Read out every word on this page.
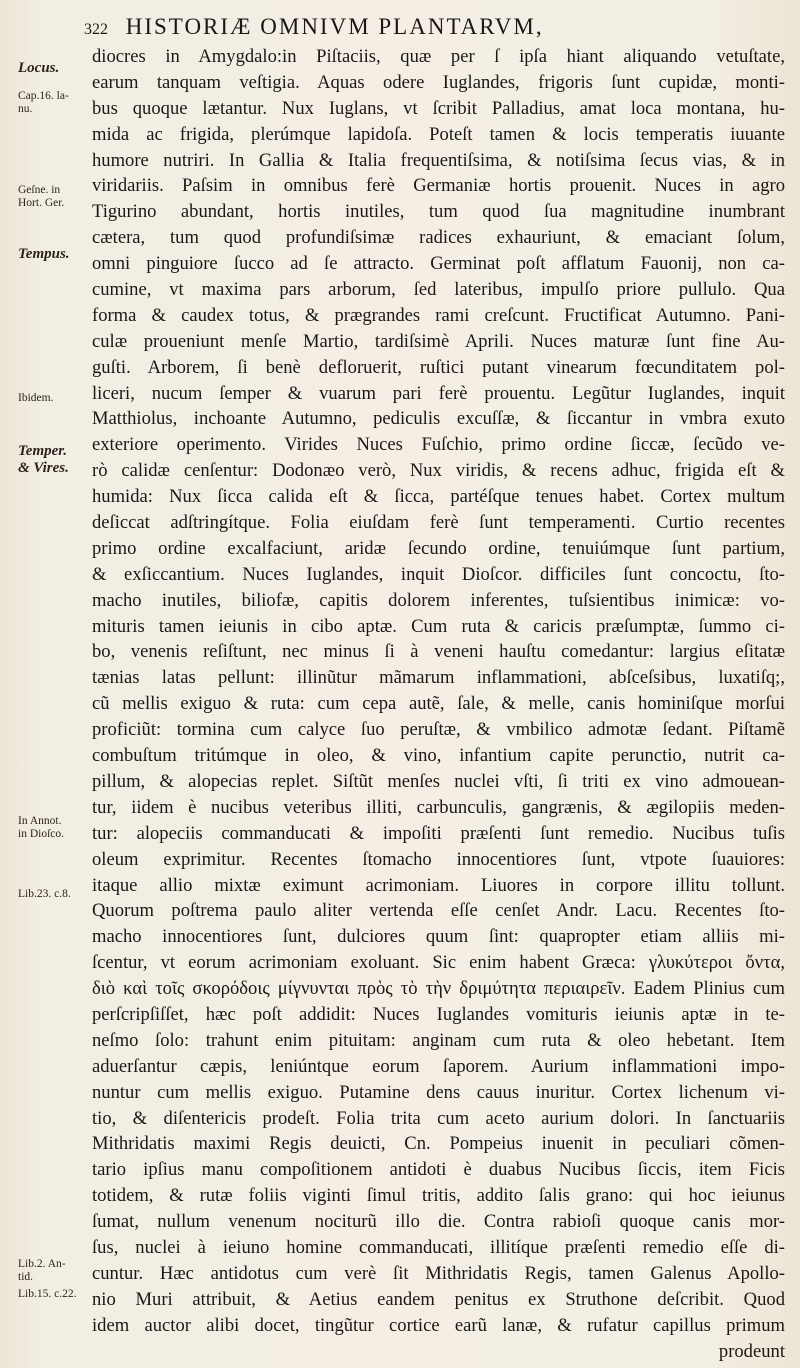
322 HISTORIÆ OMNIVM PLANTARVM,
Locus.
Cap.16. la-
nu.
Geſne. in
Hort. Ger.
Tempus.
Ibidem.
Temper.
& Vires.
In Annot.
in Dioſco.
Lib.23. c.8.
Lib.2. An-
tid.
Lib.15. c.22.
diocres in Amygdalo:in Piſtaciis, quæ per ſ ipſa hiant aliquando vetuſtate,
earum tanquam veſtigia. Aquas odere Iuglandes, frigoris ſunt cupidæ, monti-
bus quoque lætantur. Nux Iuglans, vt ſcribit Palladius, amat loca montana, hu-
mida ac frigida, plerúmque lapidoſa. Poteſt tamen & locis temperatis iuuante
humore nutriri. In Gallia & Italia frequentiſsima, & notiſsima ſecus vias, & in
viridariis. Paſsim in omnibus ferè Germaniæ hortis prouenit. Nuces in agro
Tigurino abundant, hortis inutiles, tum quod ſua magnitudine inumbrant
cætera, tum quod profundiſsimæ radices exhauriunt, & emaciant ſolum,
omni pinguiore ſucco ad ſe attracto. Germinat poſt afflatum Fauonij, non ca-
cumine, vt maxima pars arborum, ſed lateribus, impulſo priore pullulo. Qua
forma & caudex totus, & prægrandes rami creſcunt. Fructificat Autumno. Pani-
culæ proueniunt menſe Martio, tardiſsimè Aprili. Nuces maturæ ſunt fine Au-
guſti. Arborem, ſi benè defloruerit, ruſtici putant vinearum fœcunditatem pol-
liceri, nucum ſemper & vuarum pari ferè prouentu. Legũtur Iuglandes, inquit
Matthiolus, inchoante Autumno, pediculis excuſſæ, & ſiccantur in vmbra exuto
exteriore operimento. Virides Nuces Fuſchio, primo ordine ſiccæ, ſecũdo ve-
rò calidæ cenſentur: Dodonæo verò, Nux viridis, & recens adhuc, frigida eſt &
humida: Nux ſicca calida eſt & ſicca, partéſque tenues habet. Cortex multum
deſiccat adſtringítque. Folia eiuſdam ferè ſunt temperamenti. Curtio recentes
primo ordine excalfaciunt, aridæ ſecundo ordine, tenuiúmque ſunt partium,
& exſiccantium. Nuces Iuglandes, inquit Dioſcor. difficiles ſunt concoctu, ſto-
macho inutiles, biliofæ, capitis dolorem inferentes, tuſsientibus inimicæ: vo-
mituris tamen ieiunis in cibo aptæ. Cum ruta & caricis præſumptæ, ſummo ci-
bo, venenis reſiſtunt, nec minus ſi à veneni hauſtu comedantur: largius eſitatæ
tænias latas pellunt: illinũtur mãmarum inflammationi, abſceſsibus, luxatiſq;,
cũ mellis exiguo & ruta: cum cepa autẽ, ſale, & melle, canis hominiſque morſui
proficiũt: tormina cum calyce ſuo peruſtæ, & vmbilico admotæ ſedant. Piſtamẽ
combuſtum tritúmque in oleo, & vino, infantium capite perunctio, nutrit ca-
pillum, & alopecias replet. Siſtũt menſes nuclei vſti, ſi triti ex vino admouean-
tur, iidem è nucibus veteribus illiti, carbunculis, gangrænis, & ægilopiis meden-
tur: alopeciis commanducati & impoſiti præſenti ſunt remedio. Nucibus tuſis
oleum exprimitur. Recentes ſtomacho innocentiores ſunt, vtpote ſuauiores:
itaque allio mixtæ eximunt acrimoniam. Liuores in corpore illitu tollunt.
Quorum poſtrema paulo aliter vertenda eſſe cenſet Andr. Lacu. Recentes ſto-
macho innocentiores ſunt, dulciores quum ſint: quapropter etiam alliis mi-
ſcentur, vt eorum acrimoniam exoluant. Sic enim habent Græca: γλυκύτεροι ὄντα,
διὸ καὶ τοῖς σκορόδοις μίγνυνται πρὸς τὸ τὴν δριμύτητα περιαιρεῖν. Eadem Plinius cum
perſcripſiſſet, hæc poſt addidit: Nuces Iuglandes vomituris ieiunis aptæ in te-
neſmo ſolo: trahunt enim pituitam: anginam cum ruta & oleo hebetant. Item
aduerſantur cæpis, leniúntque eorum ſaporem. Aurium inflammationi impo-
nuntur cum mellis exiguo. Putamine dens cauus inuritur. Cortex lichenum vi-
tio, & diſentericis prodeſt. Folia trita cum aceto aurium dolori. In ſanctuariis
Mithridatis maximi Regis deuicti, Cn. Pompeius inuenit in peculiari cõmen-
tario ipſius manu compoſitionem antidoti è duabus Nucibus ſiccis, item Ficis
totidem, & rutæ foliis viginti ſimul tritis, addito ſalis grano: qui hoc ieiunus
ſumat, nullum venenum nociturũ illo die. Contra rabioſi quoque canis mor-
ſus, nuclei à ieiuno homine commanducati, illitíque præſenti remedio eſſe di-
cuntur. Hæc antidotus cum verè ſit Mithridatis Regis, tamen Galenus Apollo-
nio Muri attribuit, & Aetius eandem penitus ex Struthone deſcribit. Quod
idem auctor alibi docet, tingũtur cortice earũ lanæ, & rufatur capillus primum
prodeunt
